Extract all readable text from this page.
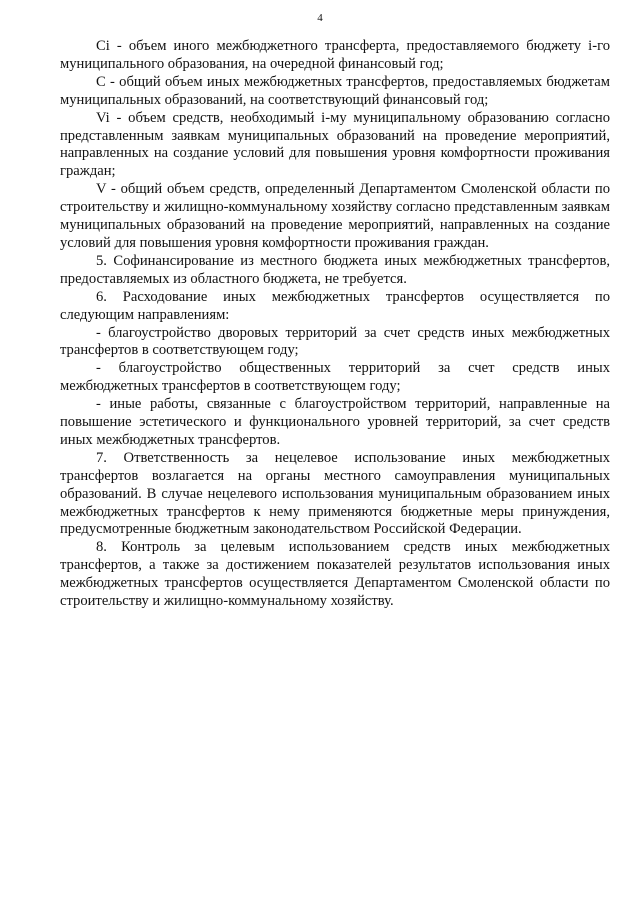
4

Ci - объем иного межбюджетного трансферта, предоставляемого бюджету i-го муниципального образования, на очередной финансовый год;

С - общий объем иных межбюджетных трансфертов, предоставляемых бюджетам муниципальных образований, на соответствующий финансовый год;

Vi - объем средств, необходимый i-му муниципальному образованию согласно представленным заявкам муниципальных образований на проведение мероприятий, направленных на создание условий для повышения уровня комфортности проживания граждан;

V - общий объем средств, определенный Департаментом Смоленской области по строительству и жилищно-коммунальному хозяйству согласно представленным заявкам муниципальных образований на проведение мероприятий, направленных на создание условий для повышения уровня комфортности проживания граждан.

5. Софинансирование из местного бюджета иных межбюджетных трансфертов, предоставляемых из областного бюджета, не требуется.

6. Расходование иных межбюджетных трансфертов осуществляется по следующим направлениям:

- благоустройство дворовых территорий за счет средств иных межбюджетных трансфертов в соответствующем году;

- благоустройство общественных территорий за счет средств иных межбюджетных трансфертов в соответствующем году;

- иные работы, связанные с благоустройством территорий, направленные на повышение эстетического и функционального уровней территорий, за счет средств иных межбюджетных трансфертов.

7. Ответственность за нецелевое использование иных межбюджетных трансфертов возлагается на органы местного самоуправления муниципальных образований. В случае нецелевого использования муниципальным образованием иных межбюджетных трансфертов к нему применяются бюджетные меры принуждения, предусмотренные бюджетным законодательством Российской Федерации.

8. Контроль за целевым использованием средств иных межбюджетных трансфертов, а также за достижением показателей результатов использования иных межбюджетных трансфертов осуществляется Департаментом Смоленской области по строительству и жилищно-коммунальному хозяйству.
